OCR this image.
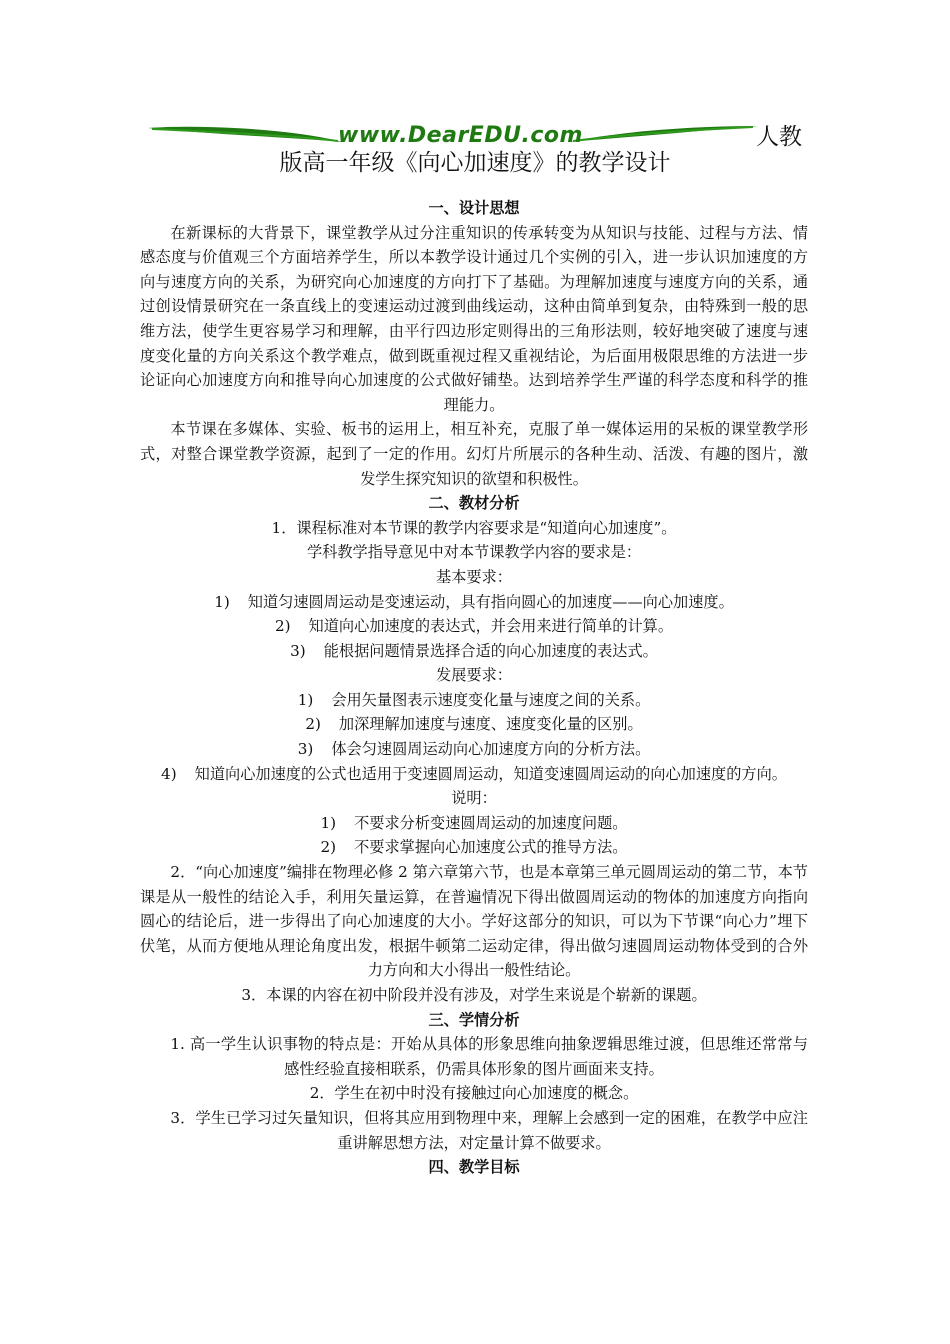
www.DearEDU.com	人教
版高一年级《向心加速度》的教学设计

一、设计思想

在新课标的大背景下，课堂教学从过分注重知识的传承转变为从知识与技能、过程与方法、情感态度与价值观三个方面培养学生，所以本教学设计通过几个实例的引入，进一步认识加速度的方向与速度方向的关系，为研究向心加速度的方向打下了基础。为理解加速度与速度方向的关系，通过创设情景研究在一条直线上的变速运动过渡到曲线运动，这种由简单到复杂，由特殊到一般的思维方法，使学生更容易学习和理解，由平行四边形定则得出的三角形法则，较好地突破了速度与速度变化量的方向关系这个教学难点，做到既重视过程又重视结论，为后面用极限思维的方法进一步论证向心加速度方向和推导向心加速度的公式做好铺垫。达到培养学生严谨的科学态度和科学的推理能力。

本节课在多媒体、实验、板书的运用上，相互补充，克服了单一媒体运用的呆板的课堂教学形式，对整合课堂教学资源，起到了一定的作用。幻灯片所展示的各种生动、活泼、有趣的图片，激发学生探究知识的欲望和积极性。

二、教材分析

1．课程标准对本节课的教学内容要求是“知道向心加速度”。

学科教学指导意见中对本节课教学内容的要求是：

基本要求：

1) 知道匀速圆周运动是变速运动，具有指向圆心的加速度——向心加速度。

2) 知道向心加速度的表达式，并会用来进行简单的计算。

3) 能根据问题情景选择合适的向心加速度的表达式。

发展要求：

1) 会用矢量图表示速度变化量与速度之间的关系。

2) 加深理解加速度与速度、速度变化量的区别。

3) 体会匀速圆周运动向心加速度方向的分析方法。

4) 知道向心加速度的公式也适用于变速圆周运动，知道变速圆周运动的向心加速度的方向。

说明：

1) 不要求分析变速圆周运动的加速度问题。

2) 不要求掌握向心加速度公式的推导方法。

2．“向心加速度”编排在物理必修 2 第六章第六节，也是本章第三单元圆周运动的第二节，本节课是从一般性的结论入手，利用矢量运算，在普遍情况下得出做圆周运动的物体的加速度方向指向圆心的结论后，进一步得出了向心加速度的大小。学好这部分的知识，可以为下节课“向心力”埋下伏笔，从而方便地从理论角度出发，根据牛顿第二运动定律，得出做匀速圆周运动物体受到的合外力方向和大小得出一般性结论。

3．本课的内容在初中阶段并没有涉及，对学生来说是个崭新的课题。

三、学情分析

1. 高一学生认识事物的特点是：开始从具体的形象思维向抽象逻辑思维过渡，但思维还常常与感性经验直接相联系，仍需具体形象的图片画面来支持。

2．学生在初中时没有接触过向心加速度的概念。

3．学生已学习过矢量知识，但将其应用到物理中来，理解上会感到一定的困难，在教学中应注重讲解思想方法，对定量计算不做要求。

四、教学目标
